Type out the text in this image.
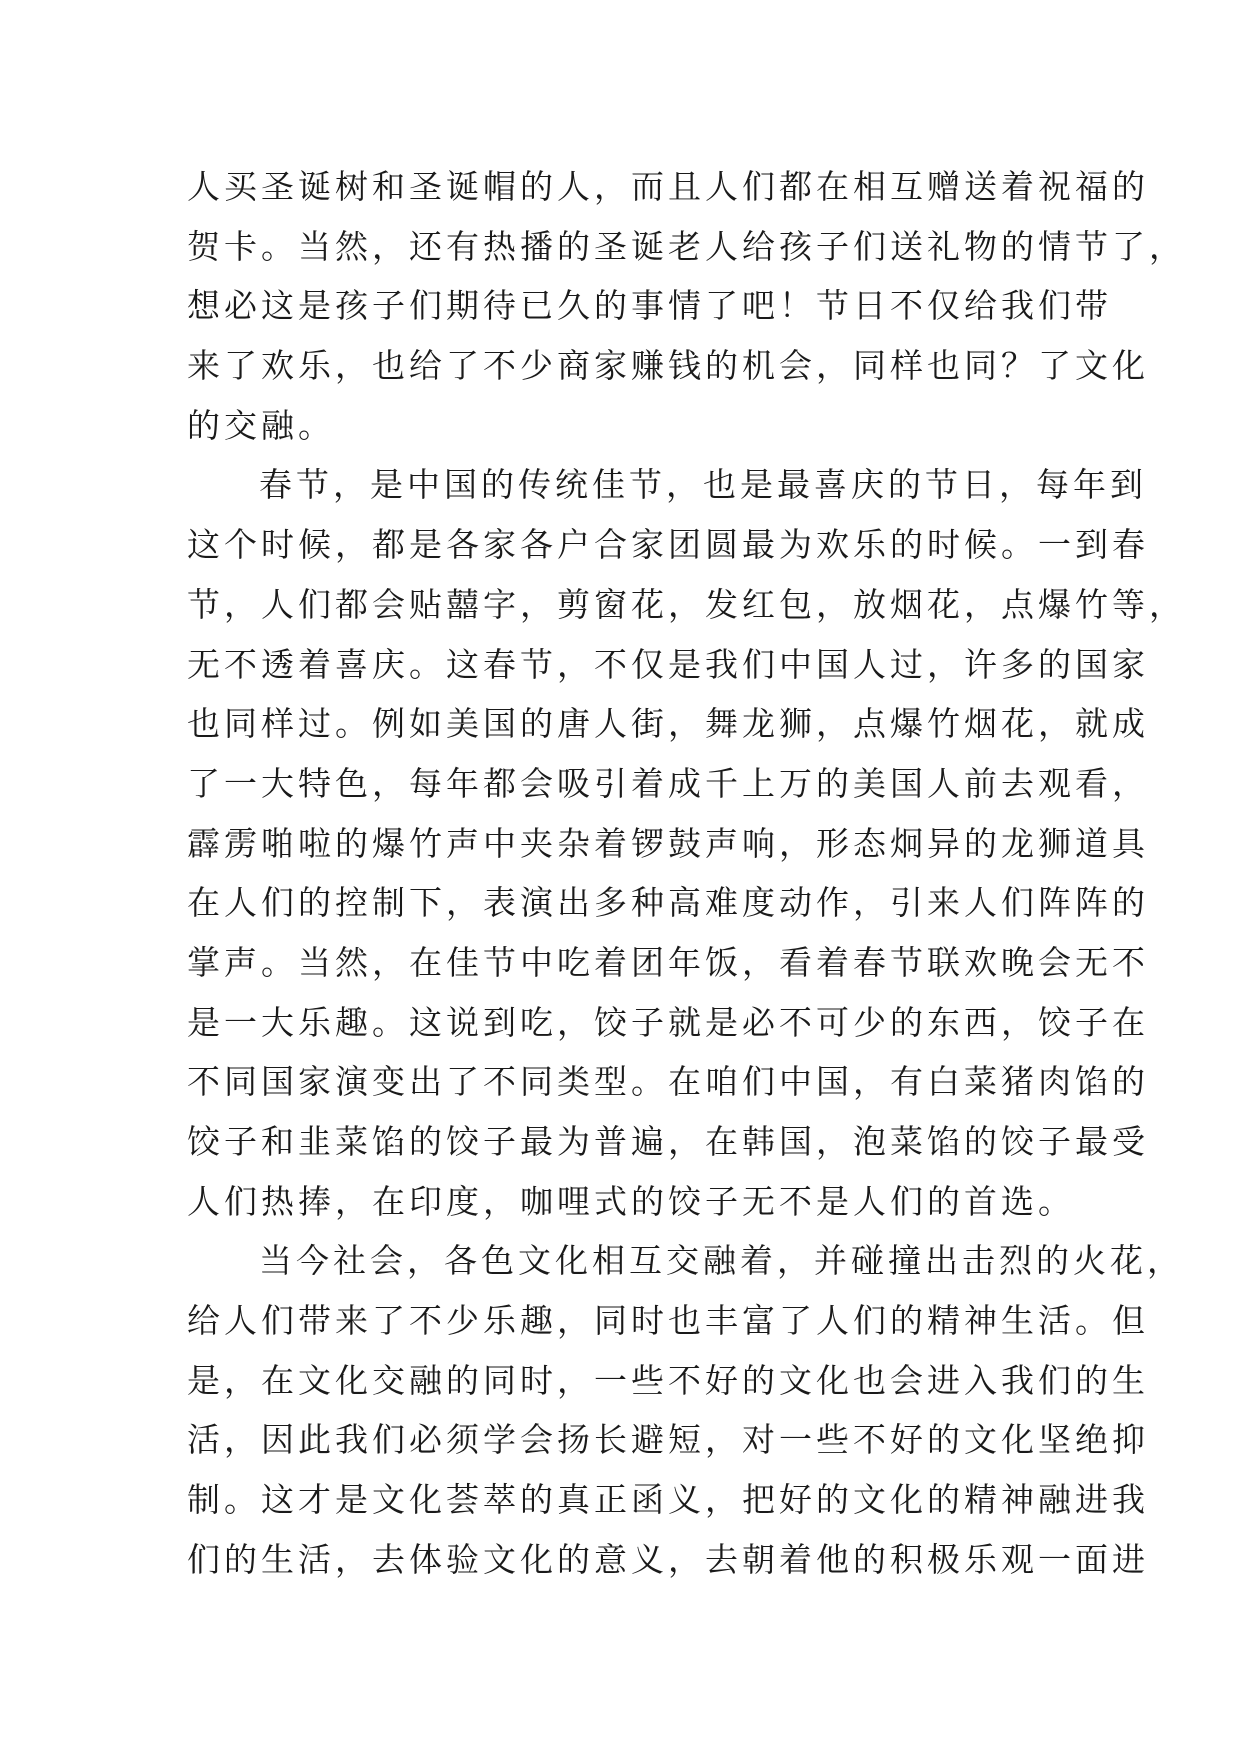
人买圣诞树和圣诞帽的人，而且人们都在相互赠送着祝福的
贺卡。当然，还有热播的圣诞老人给孩子们送礼物的情节了，
想必这是孩子们期待已久的事情了吧！节日不仅给我们带
来了欢乐，也给了不少商家赚钱的机会，同样也同？了文化
的交融。
春节，是中国的传统佳节，也是最喜庆的节日，每年到
这个时候，都是各家各户合家团圆最为欢乐的时候。一到春
节，人们都会贴囍字，剪窗花，发红包，放烟花，点爆竹等，
无不透着喜庆。这春节，不仅是我们中国人过，许多的国家
也同样过。例如美国的唐人街，舞龙狮，点爆竹烟花，就成
了一大特色，每年都会吸引着成千上万的美国人前去观看，
霹雳啪啦的爆竹声中夹杂着锣鼓声响，形态炯异的龙狮道具
在人们的控制下，表演出多种高难度动作，引来人们阵阵的
掌声。当然，在佳节中吃着团年饭，看着春节联欢晚会无不
是一大乐趣。这说到吃，饺子就是必不可少的东西，饺子在
不同国家演变出了不同类型。在咱们中国，有白菜猪肉馅的
饺子和韭菜馅的饺子最为普遍，在韩国，泡菜馅的饺子最受
人们热捧，在印度，咖哩式的饺子无不是人们的首选。
当今社会，各色文化相互交融着，并碰撞出击烈的火花，
给人们带来了不少乐趣，同时也丰富了人们的精神生活。但
是，在文化交融的同时，一些不好的文化也会进入我们的生
活，因此我们必须学会扬长避短，对一些不好的文化坚绝抑
制。这才是文化荟萃的真正函义，把好的文化的精神融进我
们的生活，去体验文化的意义，去朝着他的积极乐观一面进
